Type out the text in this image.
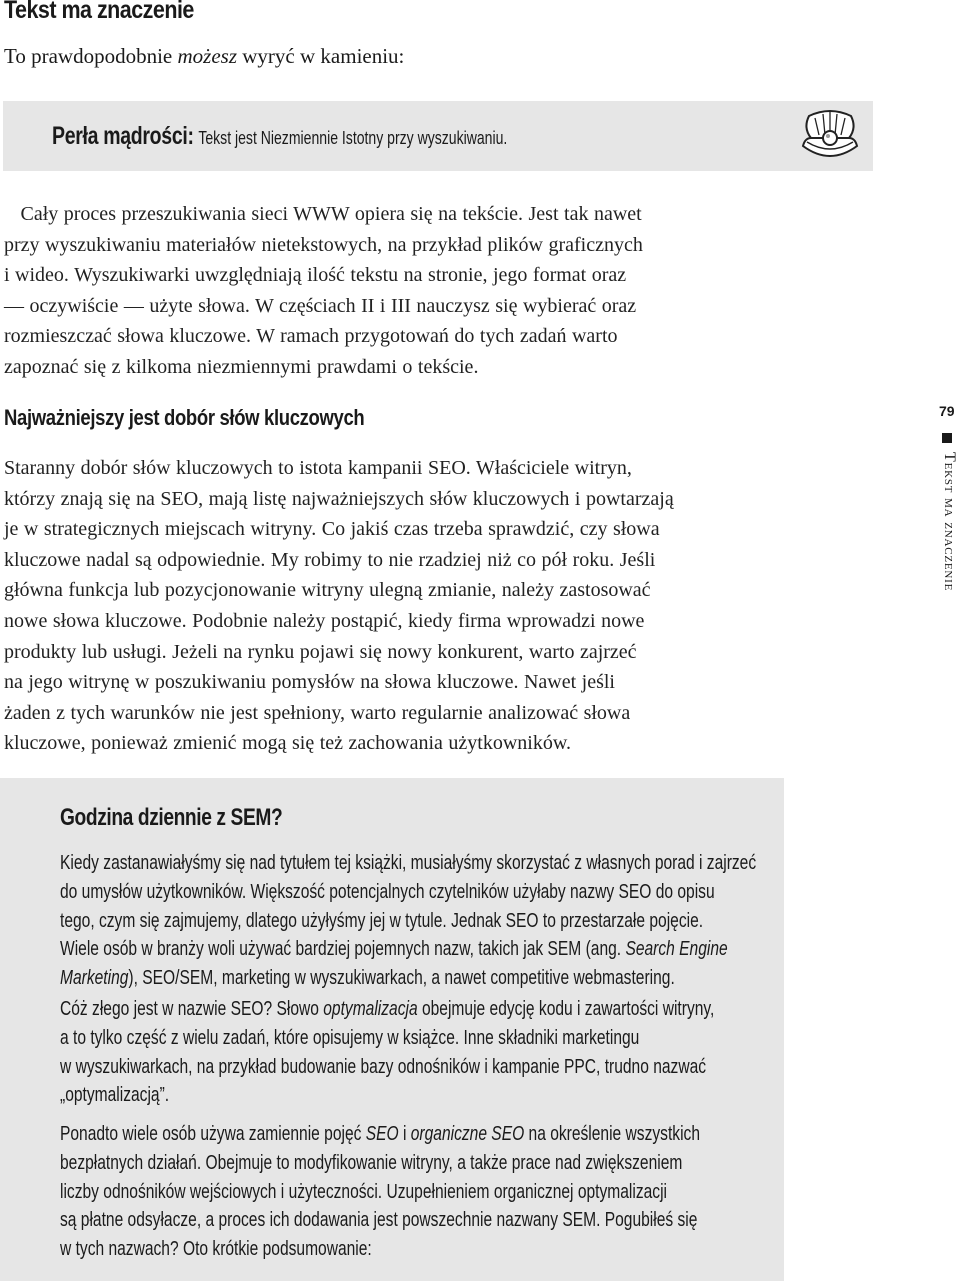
Tekst ma znaczenie
To prawdopodobnie możesz wyryć w kamieniu:
Perła mądrości: Tekst jest Niezmiennie Istotny przy wyszukiwaniu.
Cały proces przeszukiwania sieci WWW opiera się na tekście. Jest tak nawet
przy wyszukiwaniu materiałów nietekstowych, na przykład plików graficznych
i wideo. Wyszukiwarki uwzględniają ilość tekstu na stronie, jego format oraz
— oczywiście — użyte słowa. W częściach II i III nauczysz się wybierać oraz
rozmieszczać słowa kluczowe. W ramach przygotowań do tych zadań warto
zapoznać się z kilkoma niezmiennymi prawdami o tekście.
Najważniejszy jest dobór słów kluczowych
Staranny dobór słów kluczowych to istota kampanii SEO. Właściciele witryn,
którzy znają się na SEO, mają listę najważniejszych słów kluczowych i powtarzają
je w strategicznych miejscach witryny. Co jakiś czas trzeba sprawdzić, czy słowa
kluczowe nadal są odpowiednie. My robimy to nie rzadziej niż co pół roku. Jeśli
główna funkcja lub pozycjonowanie witryny ulegną zmianie, należy zastosować
nowe słowa kluczowe. Podobnie należy postąpić, kiedy firma wprowadzi nowe
produkty lub usługi. Jeżeli na rynku pojawi się nowy konkurent, warto zajrzeć
na jego witrynę w poszukiwaniu pomysłów na słowa kluczowe. Nawet jeśli
żaden z tych warunków nie jest spełniony, warto regularnie analizować słowa
kluczowe, ponieważ zmienić mogą się też zachowania użytkowników.
79
Tekst ma znaczenie
Godzina dziennie z SEM?
Kiedy zastanawiałyśmy się nad tytułem tej książki, musiałyśmy skorzystać z własnych porad i zajrzeć
do umysłów użytkowników. Większość potencjalnych czytelników użyłaby nazwy SEO do opisu
tego, czym się zajmujemy, dlatego użyłyśmy jej w tytule. Jednak SEO to przestarzałe pojęcie.
Wiele osób w branży woli używać bardziej pojemnych nazw, takich jak SEM (ang. Search Engine
Marketing), SEO/SEM, marketing w wyszukiwarkach, a nawet competitive webmastering.
Cóż złego jest w nazwie SEO? Słowo optymalizacja obejmuje edycję kodu i zawartości witryny,
a to tylko część z wielu zadań, które opisujemy w książce. Inne składniki marketingu
w wyszukiwarkach, na przykład budowanie bazy odnośników i kampanie PPC, trudno nazwać
„optymalizacją”.
Ponadto wiele osób używa zamiennie pojęć SEO i organiczne SEO na określenie wszystkich
bezpłatnych działań. Obejmuje to modyfikowanie witryny, a także prace nad zwiększeniem
liczby odnośników wejściowych i użyteczności. Uzupełnieniem organicznej optymalizacji
są płatne odsyłacze, a proces ich dodawania jest powszechnie nazwany SEM. Pogubiłeś się
w tych nazwach? Oto krótkie podsumowanie:
